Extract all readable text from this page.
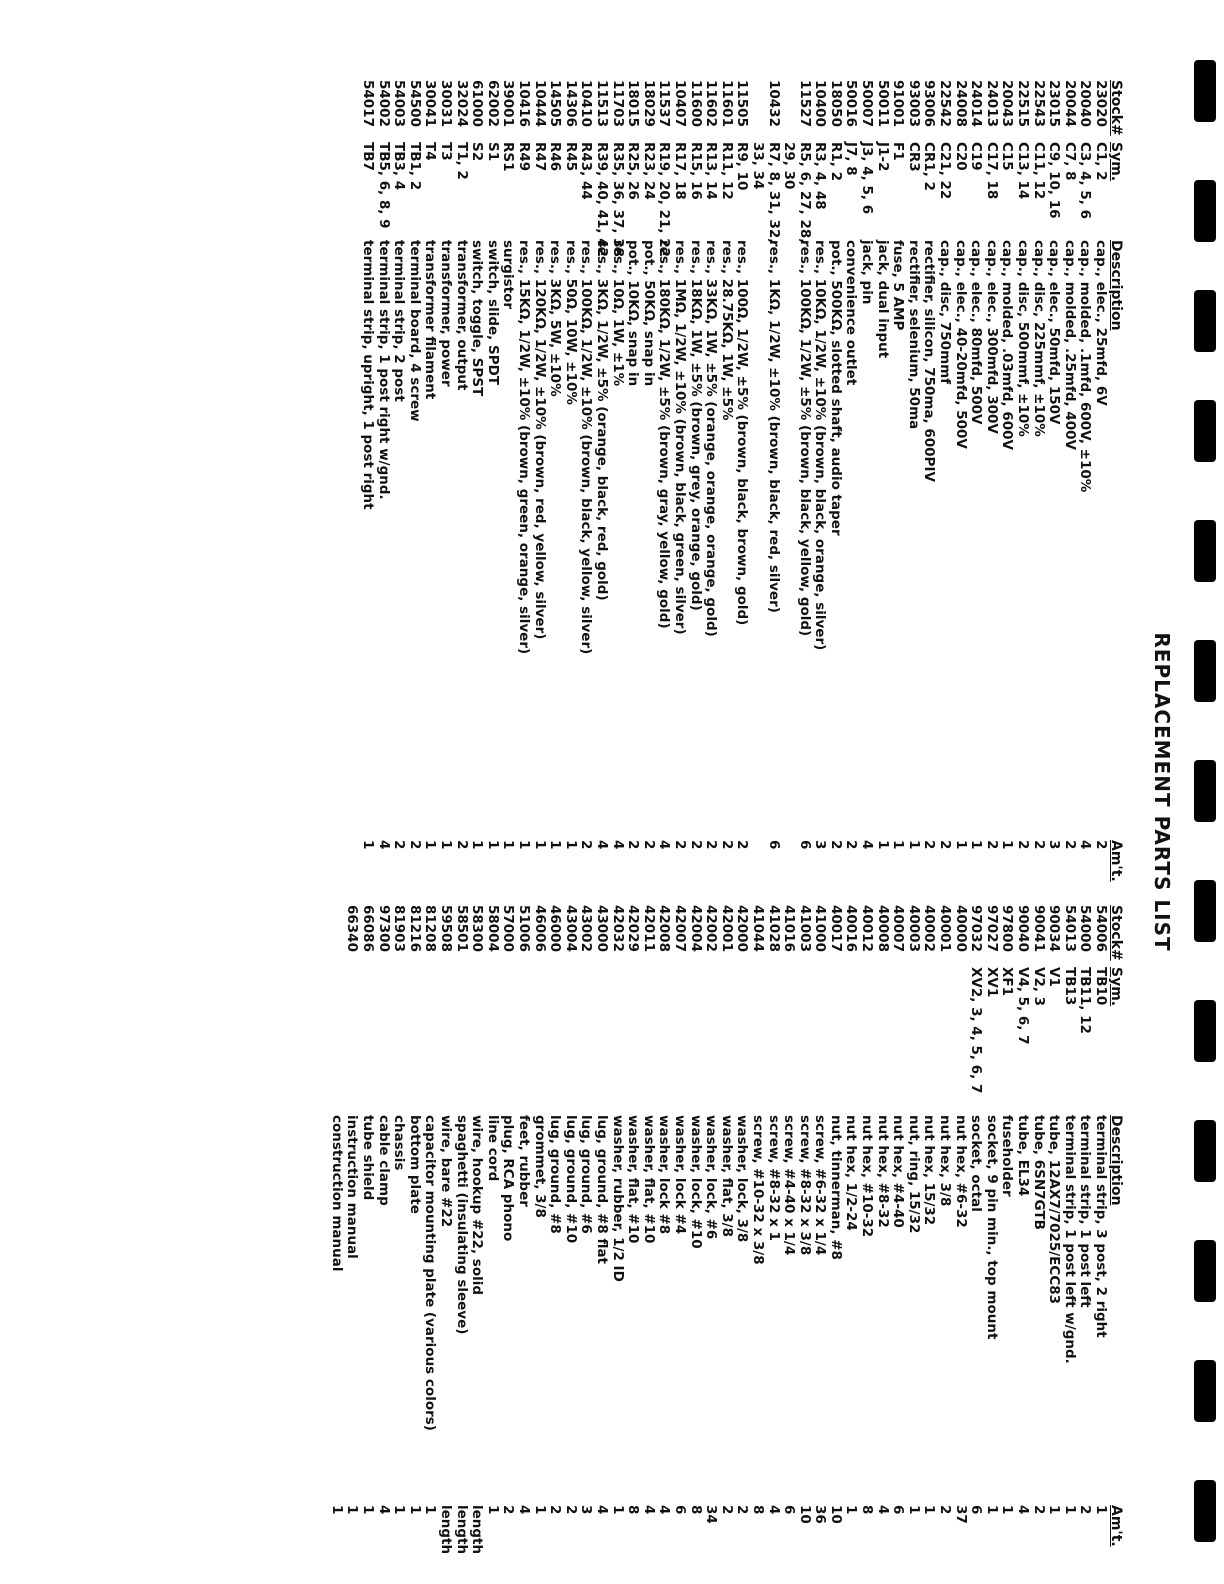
REPLACEMENT PARTS LIST
Stock#
Sym.
Description
Am't.
23020
C1, 2
cap., elec., 25mfd, 6V
2
20040
C3, 4, 5, 6
cap., molded, .1mfd, 600V, ±10%
4
20044
C7, 8
cap., molded, .25mfd, 400V
2
23015
C9, 10, 16
cap., elec., 50mfd, 150V
3
22543
C11, 12
cap., disc, 225mmf, ±10%
2
22515
C13, 14
cap., disc, 500mmf, ±10%
2
20043
C15
cap., molded, .03mfd, 600V
1
24013
C17, 18
cap., elec., 300mfd, 300V
2
24014
C19
cap., elec., 80mfd, 500V
1
24008
C20
cap., elec., 40-20mfd, 500V
1
22542
C21, 22
cap., disc, 750mmf
2
93006
CR1, 2
rectifier, silicon, 750ma, 600PIV
2
93003
CR3
rectifier, selenium, 50ma
1
91001
F1
fuse, 5 AMP
1
50011
J1-2
jack, dual input
1
50007
J3, 4, 5, 6
jack, pin
4
50016
J7, 8
convenience outlet
2
18050
R1, 2
pot., 500KΩ, slotted shaft, audio taper
2
10400
R3, 4, 48
res., 10KΩ, 1/2W, ±10% (brown, black, orange, silver)
3
11527
R5, 6, 27, 28,
res., 100KΩ, 1/2W, ±5% (brown, black, yellow, gold)
6
29, 30
10432
R7, 8, 31, 32,
res., 1KΩ, 1/2W, ±10% (brown, black, red, silver)
6
33, 34
11505
R9, 10
res., 100Ω, 1/2W, ±5% (brown, black, brown, gold)
2
11601
R11, 12
res., 28.75KΩ, 1W, ±5%
2
11602
R13, 14
res., 33KΩ, 1W, ±5% (orange, orange, orange, gold)
2
11600
R15, 16
res., 18KΩ, 1W, ±5% (brown, grey, orange, gold)
2
10407
R17, 18
res., 1MΩ, 1/2W, ±10% (brown, black, green, silver)
2
11537
R19, 20, 21, 22
res., 180KΩ, 1/2W, ±5% (brown, gray, yellow, gold)
4
18029
R23, 24
pot., 50KΩ, snap in
2
18015
R25, 26
pot., 10KΩ, snap in
2
11703
R35, 36, 37, 38
res., 10Ω, 1W, ±1%
4
11513
R39, 40, 41, 42
res., 3KΩ, 1/2W, ±5% (orange, black, red, gold)
4
10410
R43, 44
res., 100KΩ, 1/2W, ±10% (brown, black, yellow, silver)
2
14306
R45
res., 50Ω, 10W, ±10%
1
14505
R46
res., 3KΩ, 5W, ±10%
1
10444
R47
res., 120KΩ, 1/2W, ±10% (brown, red, yellow, silver)
1
10416
R49
res., 15KΩ, 1/2W, ±10% (brown, green, orange, silver)
1
39001
RS1
surgistor
1
62002
S1
switch, slide, SPDT
1
61000
S2
switch, toggle, SPST
1
32024
T1, 2
transformer, output
2
30031
T3
transformer, power
1
30041
T4
transformer filament
1
54500
TB1, 2
terminal board, 4 screw
2
54003
TB3, 4
terminal strip, 2 post
2
54002
TB5, 6, 8, 9
terminal strip, 1 post right w/gnd.
4
54017
TB7
terminal strip, upright, 1 post right
1
Stock#
Sym.
Description
Am't.
54006
TB10
terminal strip, 3 post, 2 right
1
54000
TB11, 12
terminal strip, 1 post left
2
54013
TB13
terminal strip, 1 post left w/gnd.
1
90034
V1
tube, 12AX7/7025/ECC83
1
90041
V2, 3
tube, 6SN7GTB
2
90040
V4, 5, 6, 7
tube, EL34
4
97800
XF1
fuseholder
1
97027
XV1
socket, 9 pin min., top mount
1
97032
XV2, 3, 4, 5, 6, 7
socket, octal
6
40000
nut hex, #6-32
37
40001
nut hex, 3/8
2
40002
nut hex, 15/32
1
40003
nut, ring, 15/32
1
40007
nut hex, #4-40
6
40008
nut hex, #8-32
4
40012
nut hex, #10-32
8
40016
nut hex, 1/2-24
1
40017
nut, tinnerman, #8
10
41000
screw, #6-32 x 1/4
36
41003
screw, #8-32 x 3/8
10
41016
screw, #4-40 x 1/4
6
41028
screw, #8-32 x 1
4
41044
screw, #10-32 x 3/8
8
42000
washer, lock, 3/8
2
42001
washer, flat, 3/8
2
42002
washer, lock, #6
34
42004
washer, lock, #10
8
42007
washer, lock #4
6
42008
washer, lock #8
4
42011
washer, flat, #10
4
42029
washer, flat, #10
8
42032
washer, rubber, 1/2 ID
1
43000
lug, ground, #8 flat
4
43002
lug, ground, #6
3
43004
lug, ground, #10
2
46000
lug, ground, #8
2
46006
grommet, 3/8
1
51006
feet, rubber
4
57000
plug, RCA phono
2
58004
line cord
1
58300
wire, hookup #22, solid
length
58501
spaghetti (insulating sleeve)
length
59508
wire, bare #22
length
81208
capacitor mounting plate (various colors)
1
81216
bottom plate
1
81903
chassis
1
97300
cable clamp
4
66086
tube shield
1
66340
instruction manual
1
construction manual
1
